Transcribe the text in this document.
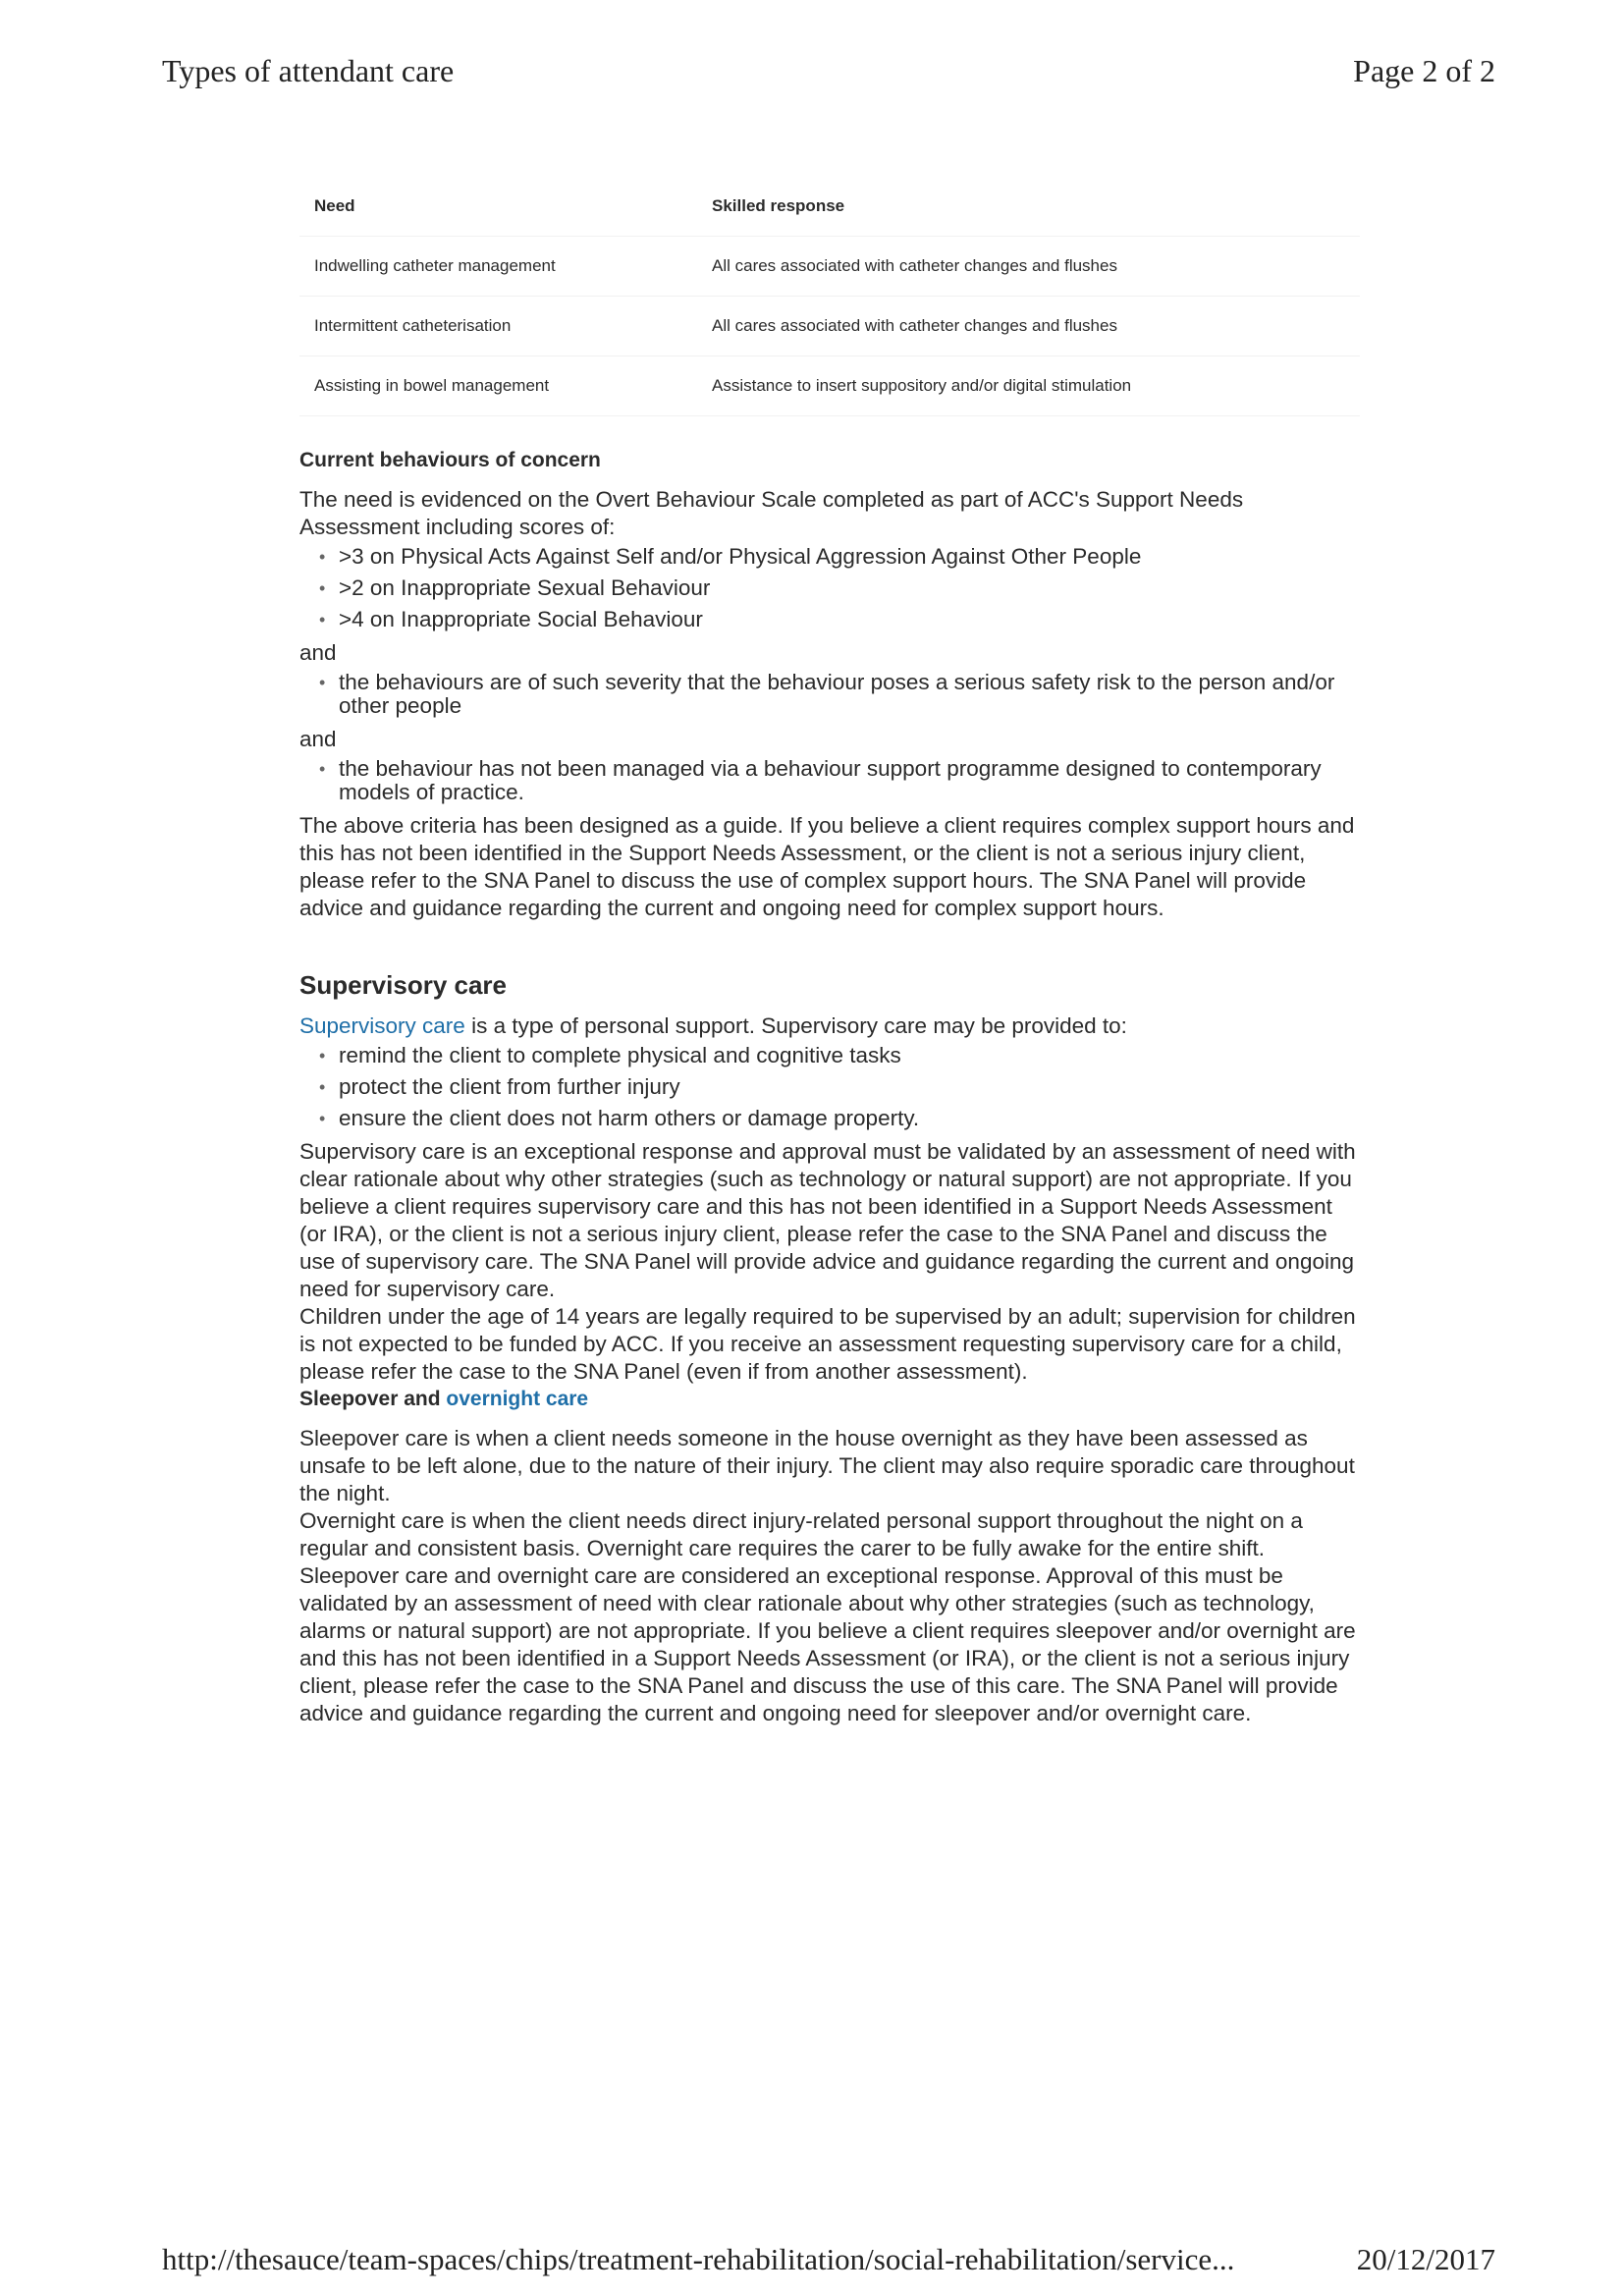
Types of attendant care	Page 2 of 2
Need	Skilled response
Indwelling catheter management	All cares associated with catheter changes and flushes
Intermittent catheterisation	All cares associated with catheter changes and flushes
Assisting in bowel management	Assistance to insert suppository and/or digital stimulation
Current behaviours of concern

The need is evidenced on the Overt Behaviour Scale completed as part of ACC's Support Needs Assessment including scores of:

• >3 on Physical Acts Against Self and/or Physical Aggression Against Other People
• >2 on Inappropriate Sexual Behaviour
• >4 on Inappropriate Social Behaviour

and

• the behaviours are of such severity that the behaviour poses a serious safety risk to the person and/or other people

and

• the behaviour has not been managed via a behaviour support programme designed to contemporary models of practice.

The above criteria has been designed as a guide. If you believe a client requires complex support hours and this has not been identified in the Support Needs Assessment, or the client is not a serious injury client, please refer to the SNA Panel to discuss the use of complex support hours. The SNA Panel will provide advice and guidance regarding the current and ongoing need for complex support hours.

Supervisory care

Supervisory care is a type of personal support. Supervisory care may be provided to:

• remind the client to complete physical and cognitive tasks
• protect the client from further injury
• ensure the client does not harm others or damage property.

Supervisory care is an exceptional response and approval must be validated by an assessment of need with clear rationale about why other strategies (such as technology or natural support) are not appropriate. If you believe a client requires supervisory care and this has not been identified in a Support Needs Assessment (or IRA), or the client is not a serious injury client, please refer the case to the SNA Panel and discuss the use of supervisory care. The SNA Panel will provide advice and guidance regarding the current and ongoing need for supervisory care.

Children under the age of 14 years are legally required to be supervised by an adult; supervision for children is not expected to be funded by ACC. If you receive an assessment requesting supervisory care for a child, please refer the case to the SNA Panel (even if from another assessment).

Sleepover and overnight care

Sleepover care is when a client needs someone in the house overnight as they have been assessed as unsafe to be left alone, due to the nature of their injury. The client may also require sporadic care throughout the night.

Overnight care is when the client needs direct injury-related personal support throughout the night on a regular and consistent basis. Overnight care requires the carer to be fully awake for the entire shift.

Sleepover care and overnight care are considered an exceptional response. Approval of this must be validated by an assessment of need with clear rationale about why other strategies (such as technology, alarms or natural support) are not appropriate. If you believe a client requires sleepover and/or overnight are and this has not been identified in a Support Needs Assessment (or IRA), or the client is not a serious injury client, please refer the case to the SNA Panel and discuss the use of this care. The SNA Panel will provide advice and guidance regarding the current and ongoing need for sleepover and/or overnight care.

http://thesauce/team-spaces/chips/treatment-rehabilitation/social-rehabilitation/service...	20/12/2017
